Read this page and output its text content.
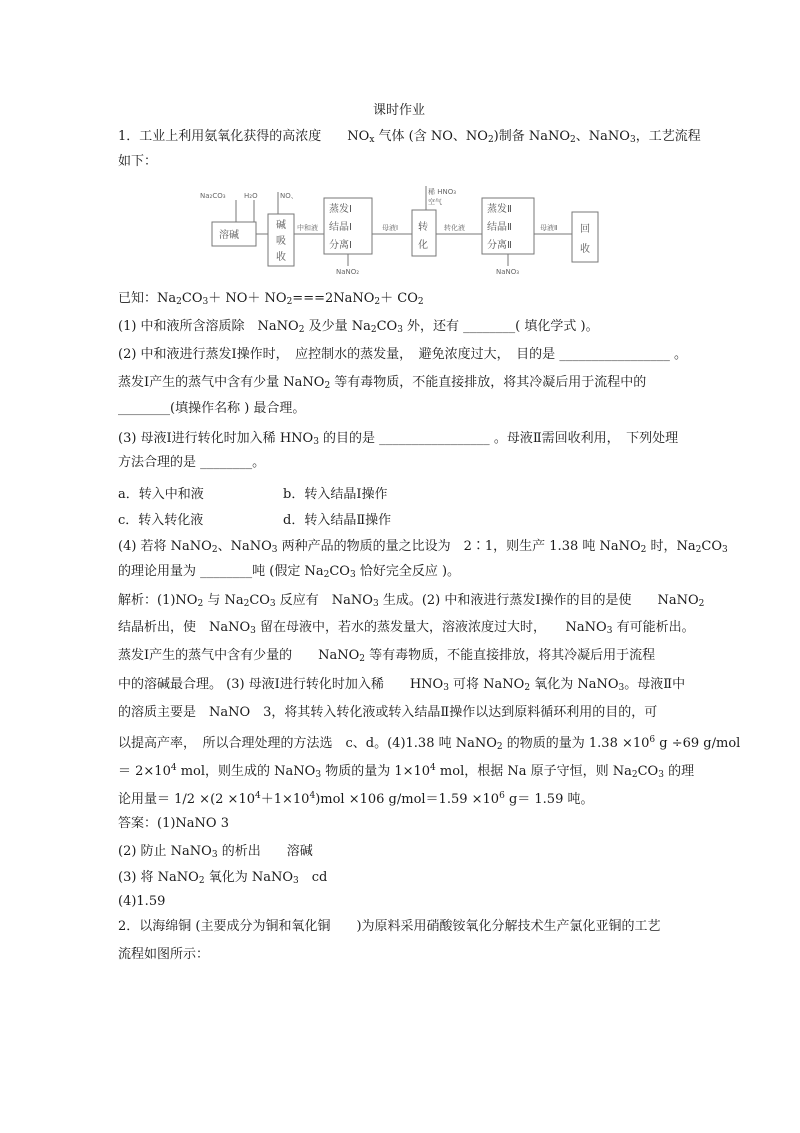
课时作业
1．工业上利用氨氧化获得的高浓度　　$NO_x$ 气体 (含 NO、$NO_2$)制备 NaNO$_2$、NaNO$_3$，工艺流程
如下：
Na₂CO₃	H₂O	NO、	稀 HNO₃
空气
中和液	母液Ⅰ	转化液	母液Ⅱ
NaNO₂	NaNO₃
溶碱
碱
吸
收
蒸发Ⅰ
结晶Ⅰ
分离Ⅰ
转
化
蒸发Ⅱ
结晶Ⅱ
分离Ⅱ
回
收
已知：$Na_2CO_3+ NO+$ $NO_2===2NaNO_2+ CO_2$
(1) 中和液所含溶质除　NaNO$_2$ 及少量 $Na_2CO_3$ 外，还有 ________( 填化学式 )。
(2) 中和液进行蒸发Ⅰ操作时，　应控制水的蒸发量，　避免浓度过大，　目的是 _________________ 。
蒸发Ⅰ产生的蒸气中含有少量 NaNO$_2$ 等有毒物质，不能直接排放，将其冷凝后用于流程中的
________(填操作名称 ) 最合理。
(3) 母液Ⅰ进行转化时加入稀 $HNO_3$ 的目的是 _________________ 。母液Ⅱ需回收利用，　下列处理
方法合理的是 ________。
a．转入中和液	b．转入结晶Ⅰ操作
c．转入转化液	d．转入结晶Ⅱ操作
(4) 若将 NaNO$_2$、NaNO$_3$ 两种产品的物质的量之比设为　2∶1，则生产 1.38 吨 NaNO$_2$ 时，$Na_2CO_3$
的理论用量为 ________吨 (假定 $Na_2CO_3$ 恰好完全反应 )。
解析：$(1)NO_2$ 与 $Na_2CO_3$ 反应有　NaNO$_3$ 生成。(2) 中和液进行蒸发Ⅰ操作的目的是使　　NaNO$_2$
结晶析出，使　NaNO$_3$ 留在母液中，若水的蒸发量大，溶液浓度过大时，　　NaNO$_3$ 有可能析出。
蒸发Ⅰ产生的蒸气中含有少量的　　NaNO$_2$ 等有毒物质，不能直接排放，将其冷凝后用于流程
中的溶碱最合理。 (3) 母液Ⅰ进行转化时加入稀　　$HNO_3$ 可将 NaNO$_2$ 氧化为 NaNO$_3$。母液Ⅱ中
的溶质主要是　NaNO　3，将其转入转化液或转入结晶Ⅱ操作以达到原料循环利用的目的，可
以提高产率，　所以合理处理的方法选　c、d。(4)1.38 吨 NaNO$_2$ 的物质的量为 $1.38 \times 10^6$ g ÷69 g/mol
＝ $2\times 10^4$ mol，则生成的 NaNO$_3$ 物质的量为 $1\times 10^4$ mol，根据 Na 原子守恒，则 $Na_2CO_3$ 的理
论用量＝ $1/2 \times(2 \times 10^4+1\times 10^4)mol \times 106$ $g/mol=1.59 \times 10^6$ g＝ 1.59 吨。
答案：(1)NaNO 3
(2) 防止 NaNO$_3$ 的析出　　溶碱
(3) 将 NaNO$_2$ 氧化为 NaNO$_3$　cd
(4)1.59
2．以海绵铜 (主要成分为铜和氧化铜　　)为原料采用硝酸铵氧化分解技术生产氯化亚铜的工艺
流程如图所示：
